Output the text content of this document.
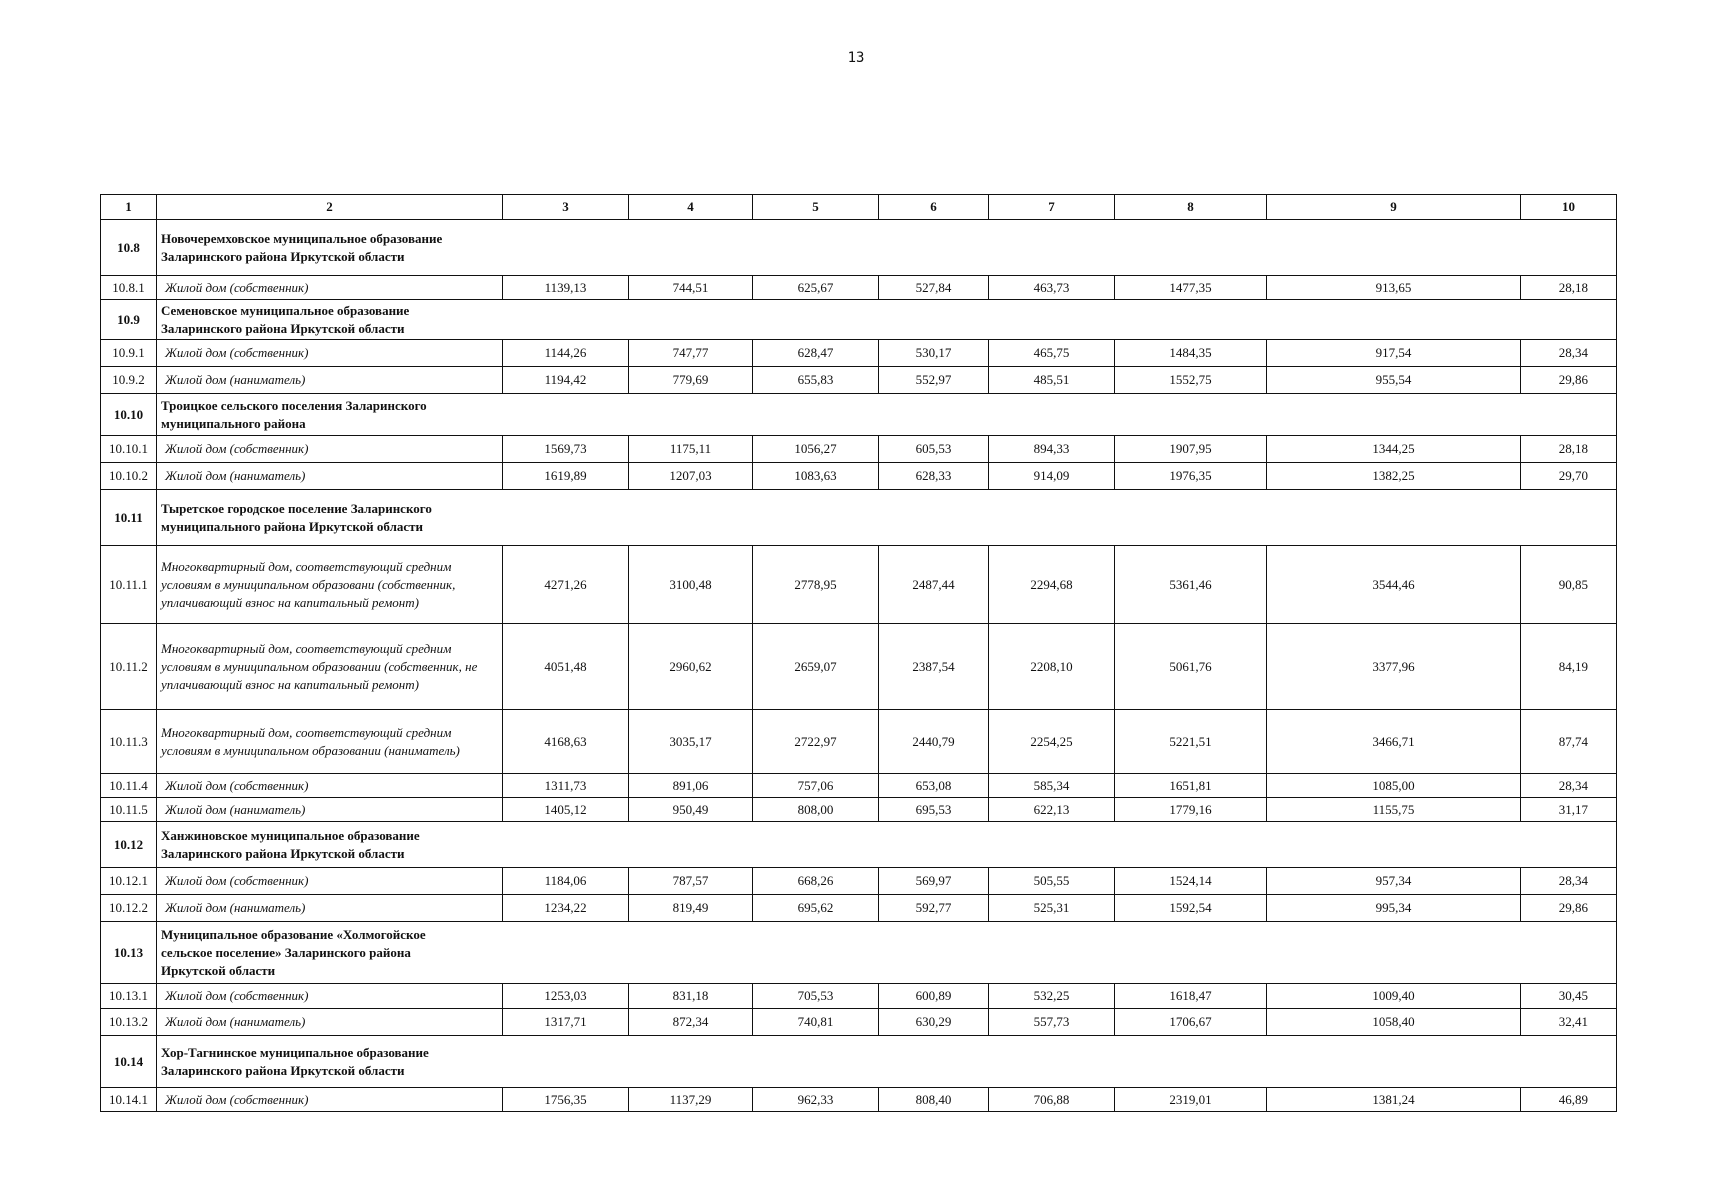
13
1	2	3	4	5	6	7	8	9	10
10.8	Новочеремховское муниципальное образование Заларинского района Иркутской области								

10.8.1	Жилой дом (собственник)	1139,13	744,51	625,67	527,84	463,73	1477,35	913,65	28,18
10.9	Семеновское муниципальное образование Заларинского района Иркутской области								

10.9.1	Жилой дом (собственник)	1144,26	747,77	628,47	530,17	465,75	1484,35	917,54	28,34
10.9.2	Жилой дом (наниматель)	1194,42	779,69	655,83	552,97	485,51	1552,75	955,54	29,86
10.10	Троицкое сельского поселения Заларинского муниципального района								

10.10.1	Жилой дом (собственник)	1569,73	1175,11	1056,27	605,53	894,33	1907,95	1344,25	28,18
10.10.2	Жилой дом (наниматель)	1619,89	1207,03	1083,63	628,33	914,09	1976,35	1382,25	29,70
10.11	Тыретское городское поселение Заларинского муниципального района Иркутской области								

10.11.1	Многоквартирный дом, соответствующий средним условиям в муниципальном образовани (собственник, уплачивающий взнос на капитальный ремонт)	4271,26	3100,48	2778,95	2487,44	2294,68	5361,46	3544,46	90,85
10.11.2	Многоквартирный дом, соответствующий средним условиям в муниципальном образовании (собственник, не уплачивающий взнос на капитальный ремонт)	4051,48	2960,62	2659,07	2387,54	2208,10	5061,76	3377,96	84,19
10.11.3	Многоквартирный дом, соответствующий средним условиям в муниципальном образовании (наниматель)	4168,63	3035,17	2722,97	2440,79	2254,25	5221,51	3466,71	87,74
10.11.4	Жилой дом (собственник)	1311,73	891,06	757,06	653,08	585,34	1651,81	1085,00	28,34
10.11.5	Жилой дом (наниматель)	1405,12	950,49	808,00	695,53	622,13	1779,16	1155,75	31,17
10.12	Ханжиновское муниципальное образование Заларинского района Иркутской области								

10.12.1	Жилой дом (собственник)	1184,06	787,57	668,26	569,97	505,55	1524,14	957,34	28,34
10.12.2	Жилой дом (наниматель)	1234,22	819,49	695,62	592,77	525,31	1592,54	995,34	29,86
10.13	Муниципальное образование «Холмогойское сельское поселение» Заларинского района Иркутской области								

10.13.1	Жилой дом (собственник)	1253,03	831,18	705,53	600,89	532,25	1618,47	1009,40	30,45
10.13.2	Жилой дом (наниматель)	1317,71	872,34	740,81	630,29	557,73	1706,67	1058,40	32,41
10.14	Хор-Тагнинское муниципальное образование Заларинского района Иркутской области								

10.14.1	Жилой дом (собственник)	1756,35	1137,29	962,33	808,40	706,88	2319,01	1381,24	46,89
